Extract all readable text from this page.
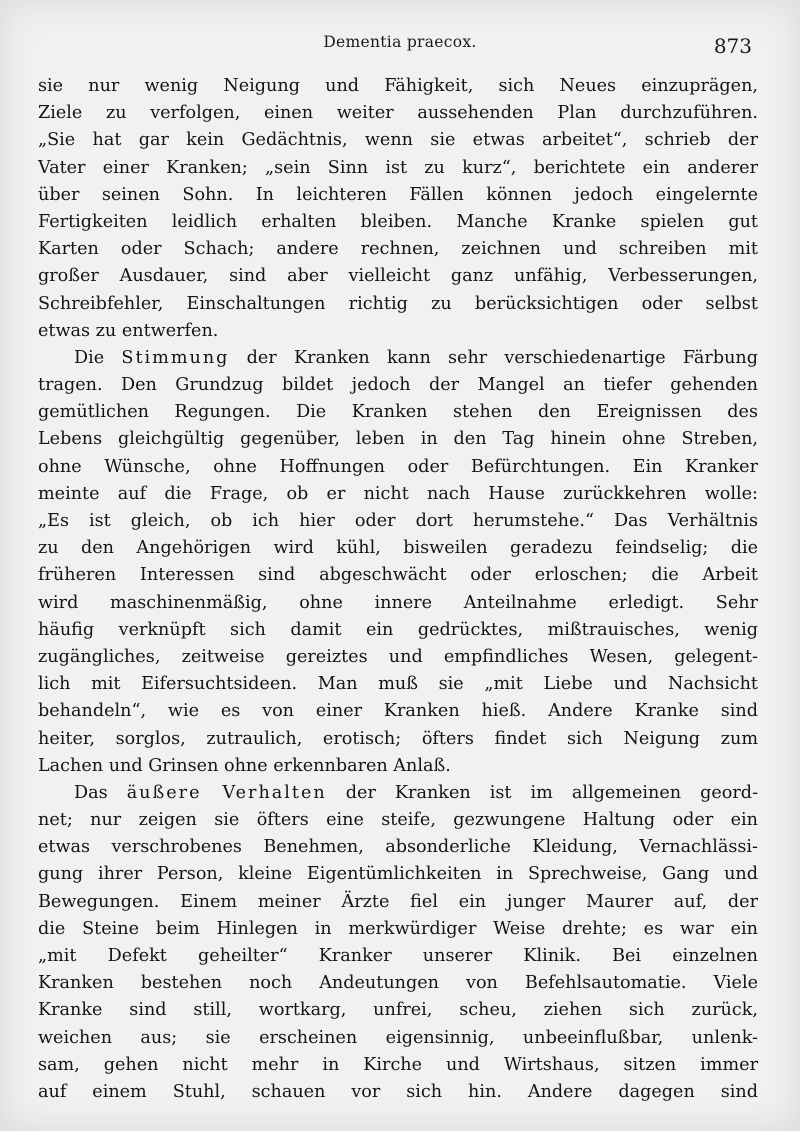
Dementia praecox.	873
sie nur wenig Neigung und Fähigkeit, sich Neues einzuprägen,
Ziele zu verfolgen, einen weiter aussehenden Plan durchzuführen.
„Sie hat gar kein Gedächtnis, wenn sie etwas arbeitet“, schrieb der
Vater einer Kranken; „sein Sinn ist zu kurz“, berichtete ein anderer
über seinen Sohn. In leichteren Fällen können jedoch eingelernte
Fertigkeiten leidlich erhalten bleiben. Manche Kranke spielen gut
Karten oder Schach; andere rechnen, zeichnen und schreiben mit
großer Ausdauer, sind aber vielleicht ganz unfähig, Verbesserungen,
Schreibfehler, Einschaltungen richtig zu berücksichtigen oder selbst
etwas zu entwerfen.
Die Stimmung der Kranken kann sehr verschiedenartige Färbung
tragen. Den Grundzug bildet jedoch der Mangel an tiefer gehenden
gemütlichen Regungen. Die Kranken stehen den Ereignissen des
Lebens gleichgültig gegenüber, leben in den Tag hinein ohne Streben,
ohne Wünsche, ohne Hoffnungen oder Befürchtungen. Ein Kranker
meinte auf die Frage, ob er nicht nach Hause zurückkehren wolle:
„Es ist gleich, ob ich hier oder dort herumstehe.“ Das Verhältnis
zu den Angehörigen wird kühl, bisweilen geradezu feindselig; die
früheren Interessen sind abgeschwächt oder erloschen; die Arbeit
wird maschinenmäßig, ohne innere Anteilnahme erledigt. Sehr
häufig verknüpft sich damit ein gedrücktes, mißtrauisches, wenig
zugängliches, zeitweise gereiztes und empfindliches Wesen, gelegent-
lich mit Eifersuchtsideen. Man muß sie „mit Liebe und Nachsicht
behandeln“, wie es von einer Kranken hieß. Andere Kranke sind
heiter, sorglos, zutraulich, erotisch; öfters findet sich Neigung zum
Lachen und Grinsen ohne erkennbaren Anlaß.
Das äußere Verhalten der Kranken ist im allgemeinen geord-
net; nur zeigen sie öfters eine steife, gezwungene Haltung oder ein
etwas verschrobenes Benehmen, absonderliche Kleidung, Vernachlässi-
gung ihrer Person, kleine Eigentümlichkeiten in Sprechweise, Gang und
Bewegungen. Einem meiner Ärzte fiel ein junger Maurer auf, der
die Steine beim Hinlegen in merkwürdiger Weise drehte; es war ein
„mit Defekt geheilter“ Kranker unserer Klinik. Bei einzelnen
Kranken bestehen noch Andeutungen von Befehlsautomatie. Viele
Kranke sind still, wortkarg, unfrei, scheu, ziehen sich zurück,
weichen aus; sie erscheinen eigensinnig, unbeeinflußbar, unlenk-
sam, gehen nicht mehr in Kirche und Wirtshaus, sitzen immer
auf einem Stuhl, schauen vor sich hin. Andere dagegen sind
